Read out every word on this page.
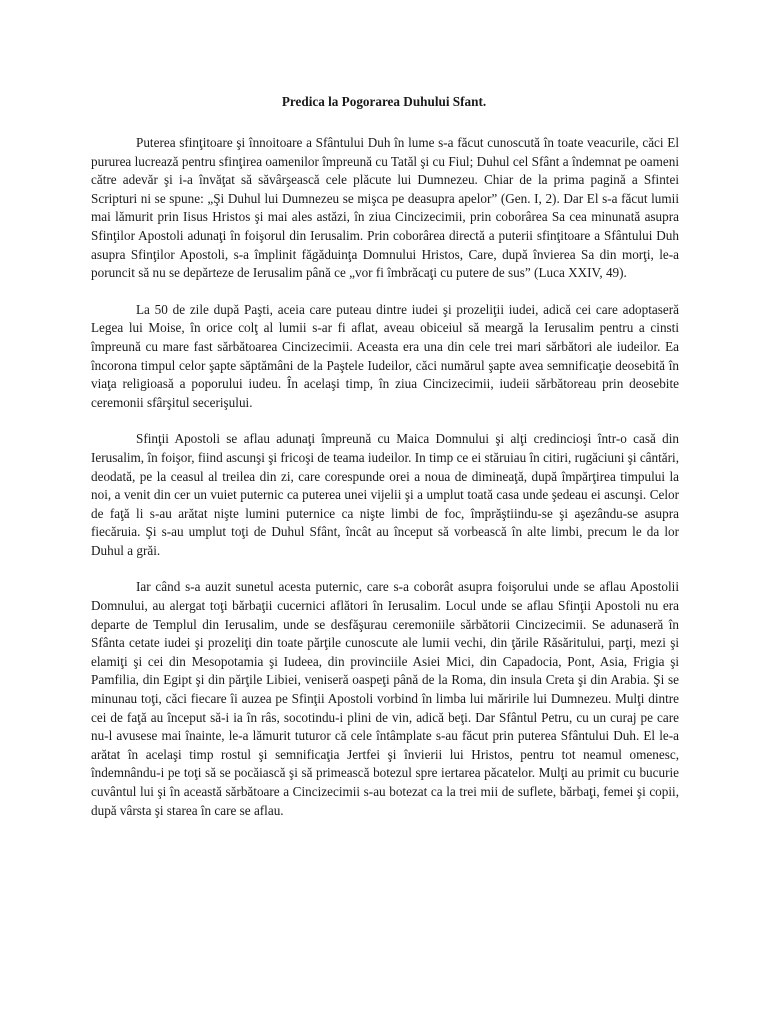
Predica la Pogorarea Duhului Sfant.

Puterea sfinţitoare şi înnoitoare a Sfântului Duh în lume s-a făcut cunoscută în toate veacurile, căci El pururea lucrează pentru sfinţirea oamenilor împreună cu Tatăl şi cu Fiul; Duhul cel Sfânt a îndemnat pe oameni către adevăr şi i-a învăţat să săvârşească cele plăcute lui Dumnezeu. Chiar de la prima pagină a Sfintei Scripturi ni se spune: „Şi Duhul lui Dumnezeu se mişca pe deasupra apelor” (Gen. I, 2). Dar El s-a făcut lumii mai lămurit prin Iisus Hristos şi mai ales astăzi, în ziua Cincizecimii, prin coborârea Sa cea minunată asupra Sfinţilor Apostoli adunaţi în foişorul din Ierusalim. Prin coborârea directă a puterii sfinţitoare a Sfântului Duh asupra Sfinţilor Apostoli, s-a împlinit făgăduinţa Domnului Hristos, Care, după învierea Sa din morţi, le-a poruncit să nu se depărteze de Ierusalim până ce „vor fi îmbrăcaţi cu putere de sus” (Luca XXIV, 49).

La 50 de zile după Paşti, aceia care puteau dintre iudei şi prozeliţii iudei, adică cei care adoptaseră Legea lui Moise, în orice colţ al lumii s-ar fi aflat, aveau obiceiul să meargă la Ierusalim pentru a cinsti împreună cu mare fast sărbătoarea Cincizecimii. Aceasta era una din cele trei mari sărbători ale iudeilor. Ea încorona timpul celor şapte săptămâni de la Paştele Iudeilor, căci numărul şapte avea semnificaţie deosebită în viaţa religioasă a poporului iudeu. În acelaşi timp, în ziua Cincizecimii, iudeii sărbătoreau prin deosebite ceremonii sfârşitul secerişului.

Sfinţii Apostoli se aflau adunaţi împreună cu Maica Domnului şi alţi credincioşi într-o casă din Ierusalim, în foişor, fiind ascunşi şi fricoşi de teama iudeilor. In timp ce ei stăruiau în citiri, rugăciuni şi cântări, deodată, pe la ceasul al treilea din zi, care corespunde orei a noua de dimineaţă, după împărţirea timpului la noi, a venit din cer un vuiet puternic ca puterea unei vijelii şi a umplut toată casa unde şedeau ei ascunşi. Celor de faţă li s-au arătat nişte lumini puternice ca nişte limbi de foc, împrăştiindu-se şi aşezându-se asupra fiecăruia. Şi s-au umplut toţi de Duhul Sfânt, încât au început să vorbească în alte limbi, precum le da lor Duhul a grăi.

Iar când s-a auzit sunetul acesta puternic, care s-a coborât asupra foişorului unde se aflau Apostolii Domnului, au alergat toţi bărbaţii cucernici aflători în Ierusalim. Locul unde se aflau Sfinţii Apostoli nu era departe de Templul din Ierusalim, unde se desfăşurau ceremoniile sărbătorii Cincizecimii. Se adunaseră în Sfânta cetate iudei şi prozeliţi din toate părţile cunoscute ale lumii vechi, din ţările Răsăritului, parţi, mezi şi elamiţi şi cei din Mesopotamia şi Iudeea, din provinciile Asiei Mici, din Capadocia, Pont, Asia, Frigia şi Pamfilia, din Egipt şi din părţile Libiei, veniseră oaspeţi până de la Roma, din insula Creta şi din Arabia. Şi se minunau toţi, căci fiecare îi auzea pe Sfinţii Apostoli vorbind în limba lui măririle lui Dumnezeu. Mulţi dintre cei de faţă au început să-i ia în râs, socotindu-i plini de vin, adică beţi. Dar Sfântul Petru, cu un curaj pe care nu-l avusese mai înainte, le-a lămurit tuturor că cele întâmplate s-au făcut prin puterea Sfântului Duh. El le-a arătat în acelaşi timp rostul şi semnificaţia Jertfei şi învierii lui Hristos, pentru tot neamul omenesc, îndemnându-i pe toţi să se pocăiască şi să primească botezul spre iertarea păcatelor. Mulţi au primit cu bucurie cuvântul lui şi în această sărbătoare a Cincizecimii s-au botezat ca la trei mii de suflete, bărbaţi, femei şi copii, după vârsta şi starea în care se aflau.
